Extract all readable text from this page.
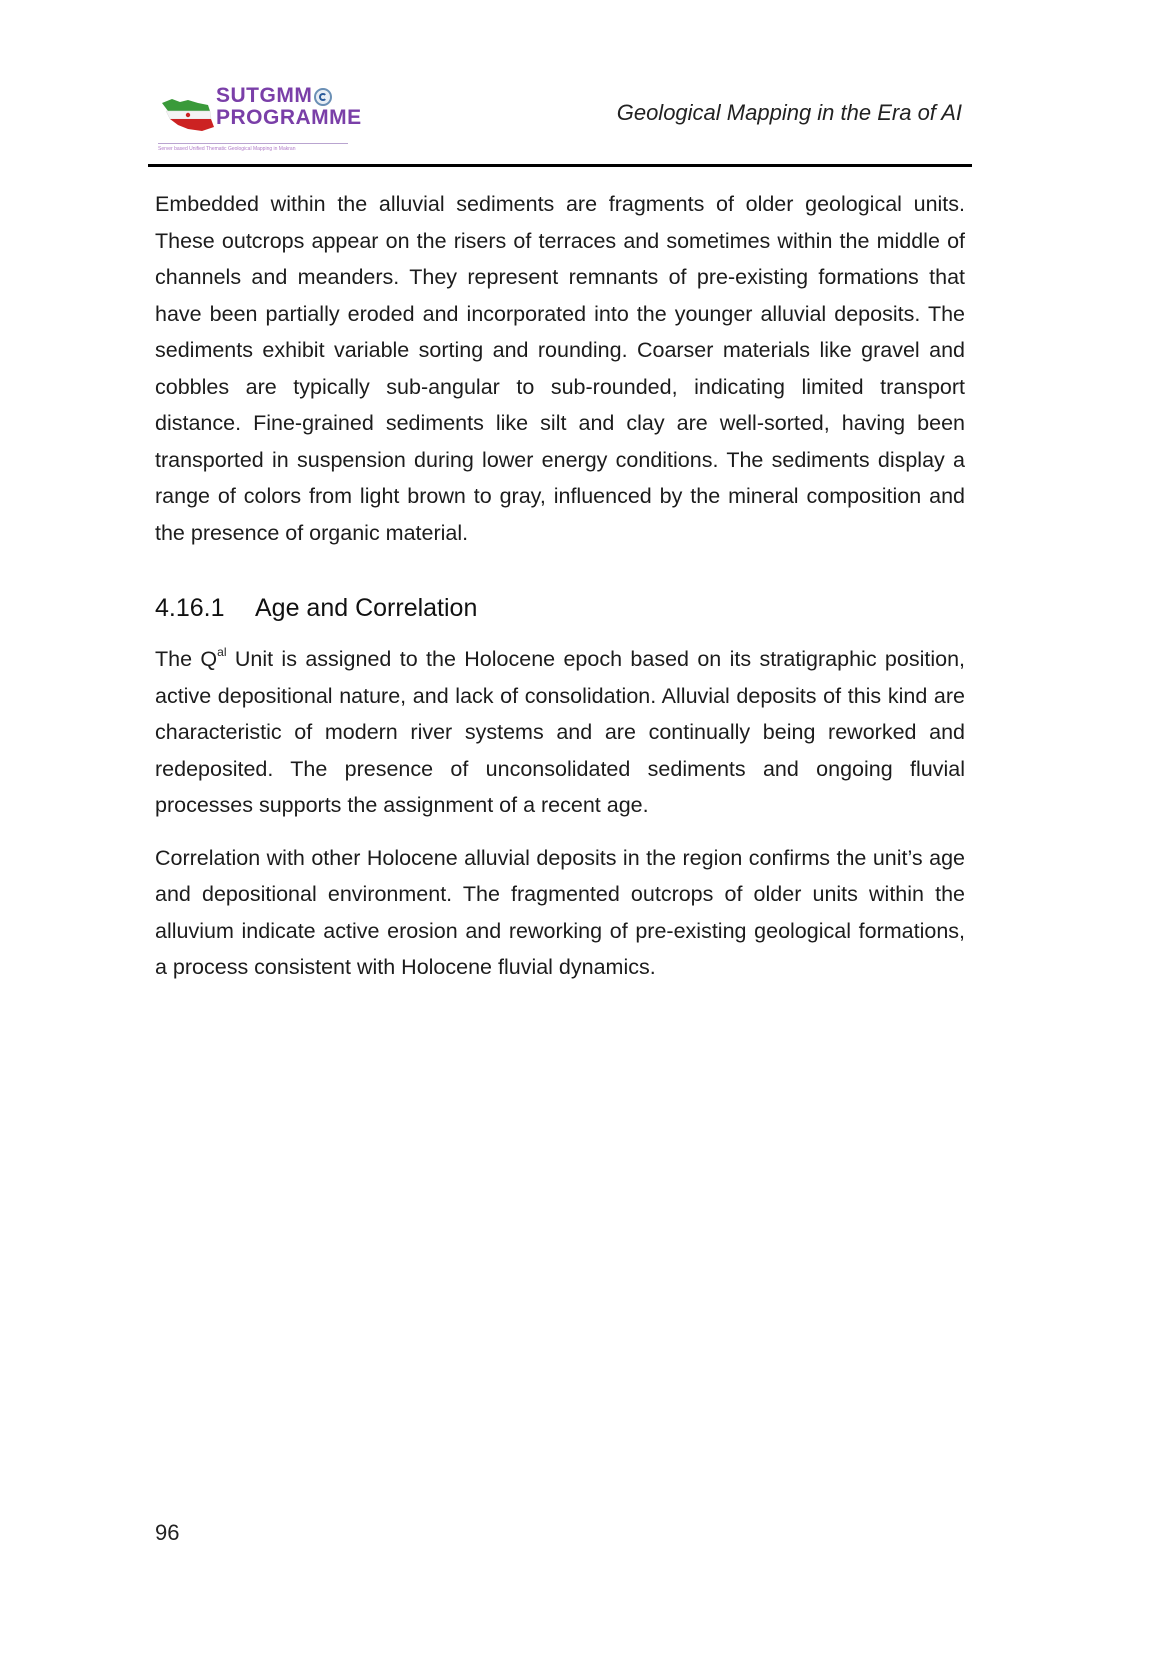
SUTGMM
PROGRAMME
Server based Unified Thematic Geological Mapping in Makran
Geological Mapping in the Era of AI

Embedded within the alluvial sediments are fragments of older geological units. These outcrops appear on the risers of terraces and sometimes within the middle of channels and meanders. They represent remnants of pre-existing formations that have been partially eroded and incorporated into the younger alluvial deposits. The sediments exhibit variable sorting and rounding. Coarser materials like gravel and cobbles are typically sub-angular to sub-rounded, indicating limited transport distance. Fine-grained sediments like silt and clay are well-sorted, having been transported in suspension during lower energy conditions. The sediments display a range of colors from light brown to gray, influenced by the mineral composition and the presence of organic material.

4.16.1	Age and Correlation

The $Q^{al}$ Unit is assigned to the Holocene epoch based on its stratigraphic position, active depositional nature, and lack of consolidation. Alluvial deposits of this kind are characteristic of modern river systems and are continually being reworked and redeposited. The presence of unconsolidated sediments and ongoing fluvial processes supports the assignment of a recent age.

Correlation with other Holocene alluvial deposits in the region confirms the unit’s age and depositional environment. The fragmented outcrops of older units within the alluvium indicate active erosion and reworking of pre-existing geological formations, a process consistent with Holocene fluvial dynamics.

96
